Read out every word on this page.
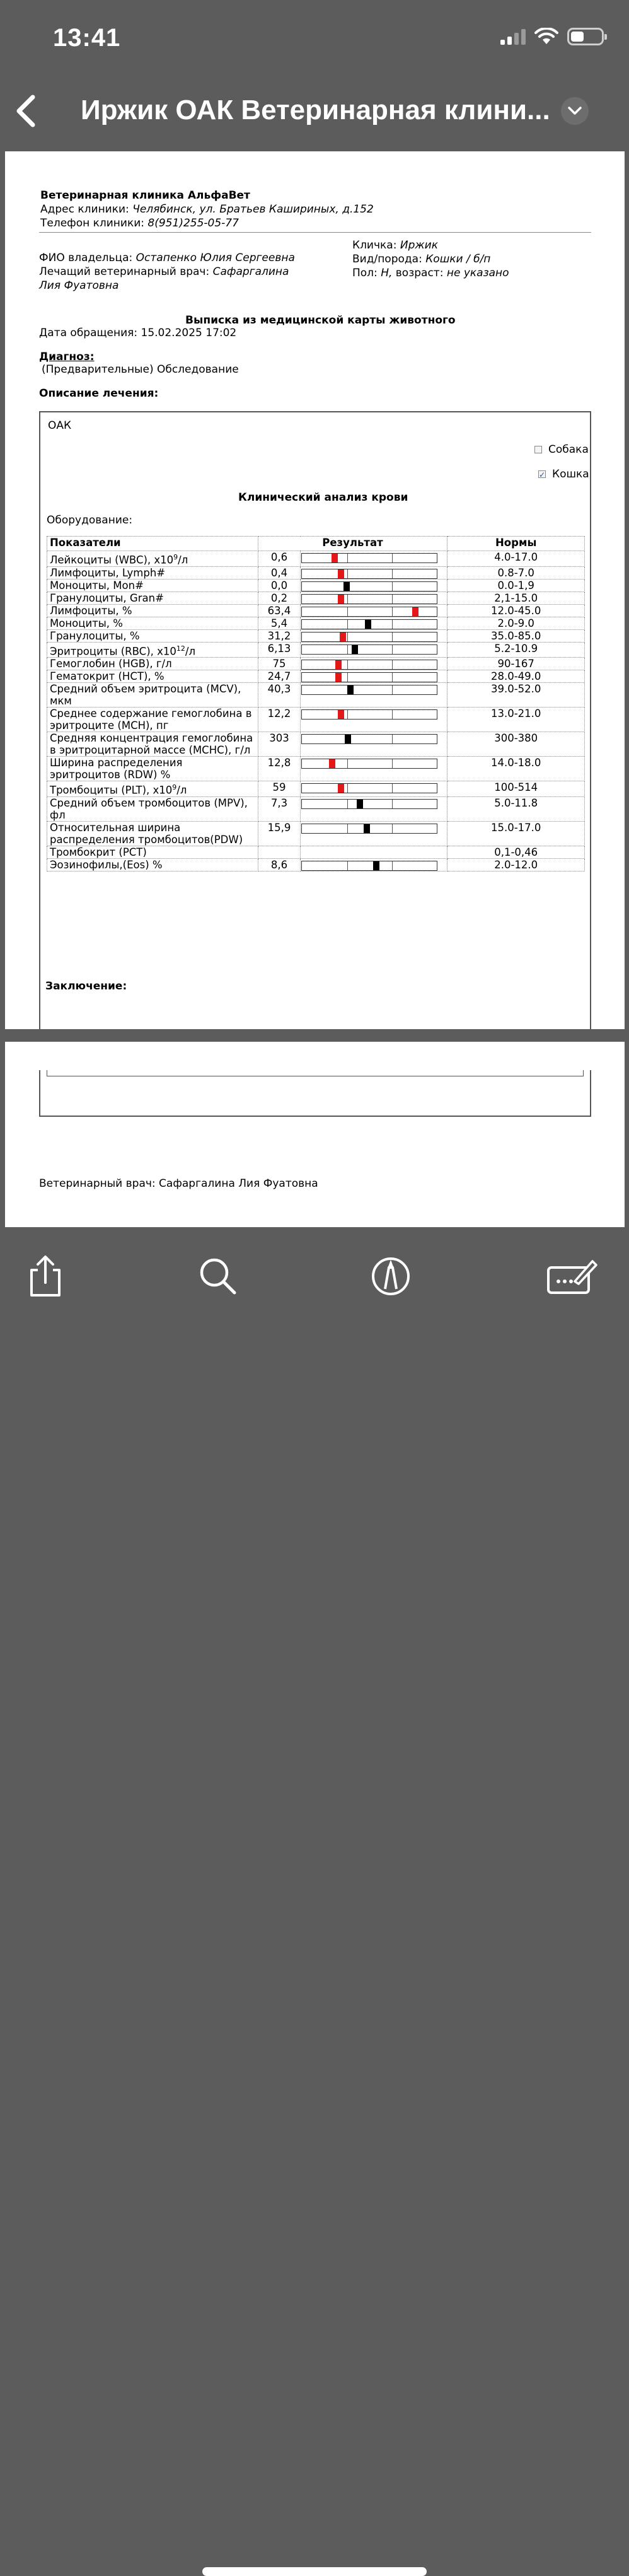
13:41
Иржик ОАК Ветеринарная клини...
Ветеринарная клиника АльфаВет
Адрес клиники: Челябинск, ул. Братьев Кашириных, д.152
Телефон клиники: 8(951)255-05-77
ФИО владельца: Остапенко Юлия Сергеевна
Лечащий ветеринарный врач: Сафаргалина Лия Фуатовна
Кличка: Иржик
Вид/порода: Кошки / б/п
Пол: Н, возраст: не указано
Выписка из медицинской карты животного
Дата обращения: 15.02.2025 17:02
Диагноз:
(Предварительные) Обследование
Описание лечения:
ОАК
Собака
✓Кошка
Клинический анализ крови
Оборудование:
Показатели	Результат		Нормы
Лейкоциты (WBC), $x10^9/л$	0,6		4.0-17.0
Лимфоциты, Lymph#	0,4		0.8-7.0
Моноциты, Mon#	0,0		0.0-1,9
Гранулоциты, Gran#	0,2		2,1-15.0
Лимфоциты, %	63,4		12.0-45.0
Моноциты, %	5,4		2.0-9.0
Гранулоциты, %	31,2		35.0-85.0
Эритроциты (RBC), $x10^{12}/л$	6,13		5.2-10.9
Гемоглобин (HGB), г/л	75		90-167
Гематокрит (HCT), %	24,7		28.0-49.0
Средний объем эритроцита (MCV), мкм	40,3		39.0-52.0
Среднее содержание гемоглобина в эритроците (MCH), пг	12,2		13.0-21.0
Средняя концентрация гемоглобина в эритроцитарной массе (MCHC), г/л	303		300-380
Ширина распределения эритроцитов (RDW) %	12,8		14.0-18.0
Тромбоциты (PLT), $x10^9/л$	59		100-514
Средний объем тромбоцитов (MPV), фл	7,3		5.0-11.8
Относительная ширина распределения тромбоцитов(PDW)	15,9		15.0-17.0
Тромбокрит (PCT)			0,1-0,46
Эозинофилы,(Eos) %	8,6		2.0-12.0
Заключение:
Ветеринарный врач: Сафаргалина Лия Фуатовна
